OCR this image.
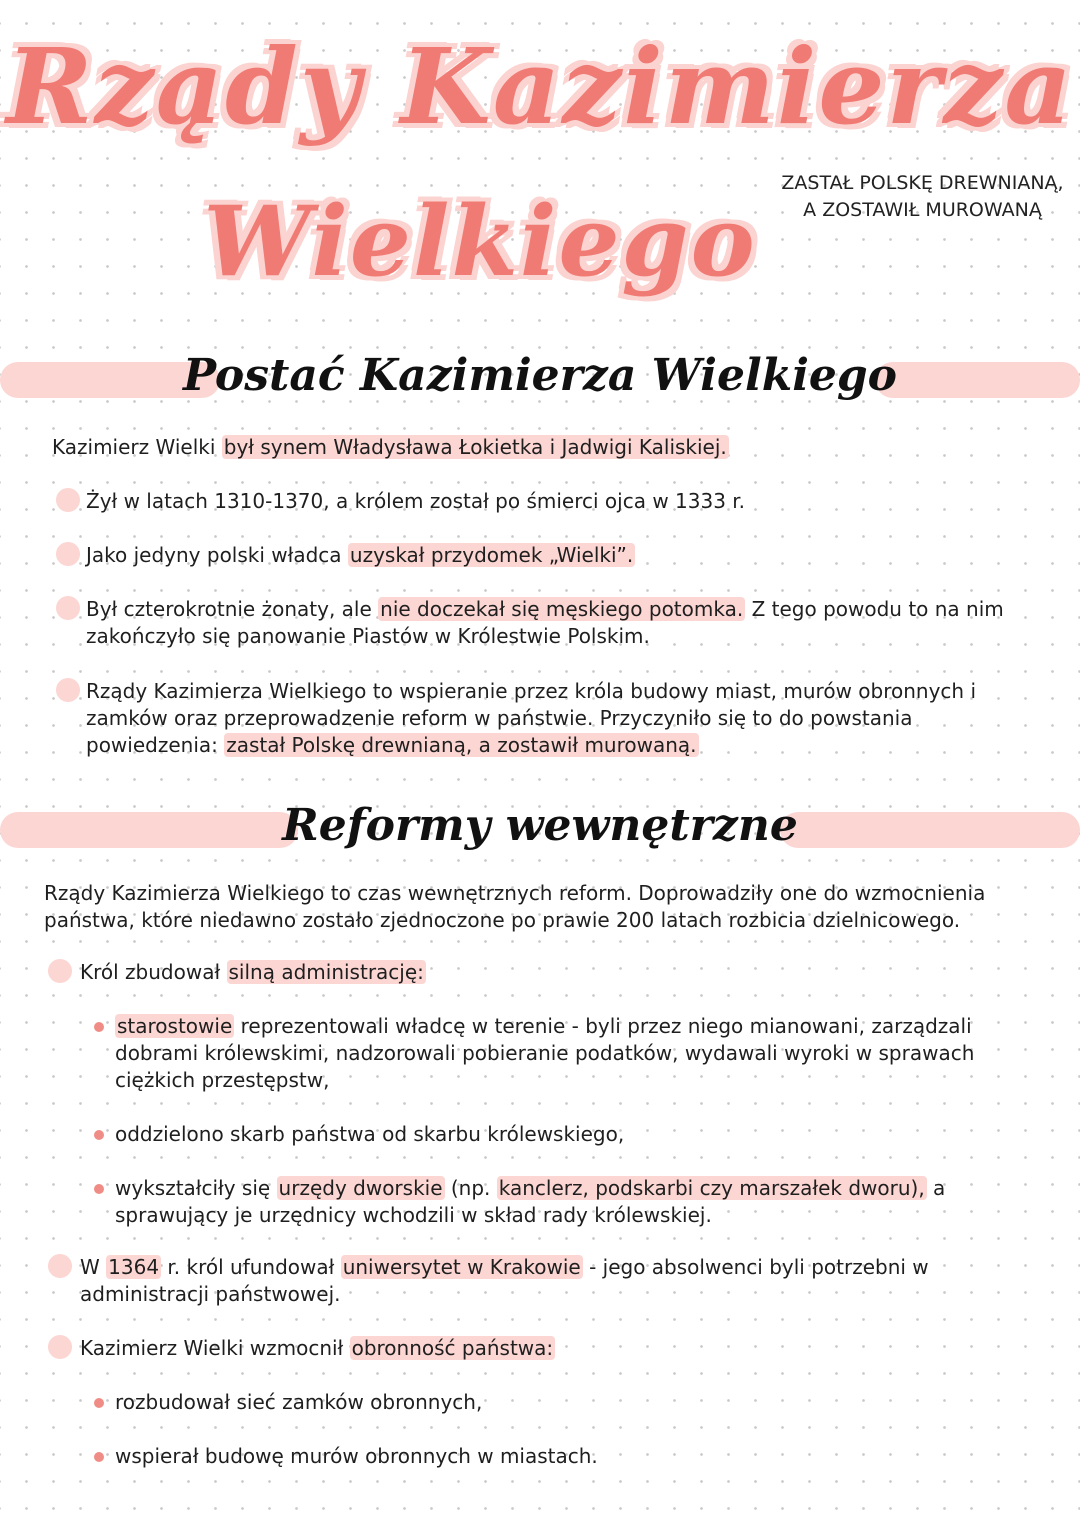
Rządy Kazimierza
Wielkiego
ZASTAŁ POLSKĘ DREWNIANĄ, A ZOSTAWIŁ MUROWANĄ
Postać Kazimierza Wielkiego
Kazimierz Wielki był synem Władysława Łokietka i Jadwigi Kaliskiej.
Żył w latach 1310-1370, a królem został po śmierci ojca w 1333 r.
Jako jedyny polski władca uzyskał przydomek „Wielki”.
Był czterokrotnie żonaty, ale nie doczekał się męskiego potomka. Z tego powodu to na nim
zakończyło się panowanie Piastów w Królestwie Polskim.
Rządy Kazimierza Wielkiego to wspieranie przez króla budowy miast, murów obronnych i
zamków oraz przeprowadzenie reform w państwie. Przyczyniło się to do powstania
powiedzenia: zastał Polskę drewnianą, a zostawił murowaną.
Reformy wewnętrzne
Rządy Kazimierza Wielkiego to czas wewnętrznych reform. Doprowadziły one do wzmocnienia
państwa, które niedawno zostało zjednoczone po prawie 200 latach rozbicia dzielnicowego.
Król zbudował silną administrację:
starostowie reprezentowali władcę w terenie - byli przez niego mianowani, zarządzali
dobrami królewskimi, nadzorowali pobieranie podatków, wydawali wyroki w sprawach
ciężkich przestępstw,
oddzielono skarb państwa od skarbu królewskiego,
wykształciły się urzędy dworskie (np. kanclerz, podskarbi czy marszałek dworu), a
sprawujący je urzędnicy wchodzili w skład rady królewskiej.
W 1364 r. król ufundował uniwersytet w Krakowie - jego absolwenci byli potrzebni w
administracji państwowej.
Kazimierz Wielki wzmocnił obronność państwa:
rozbudował sieć zamków obronnych,
wspierał budowę murów obronnych w miastach.
